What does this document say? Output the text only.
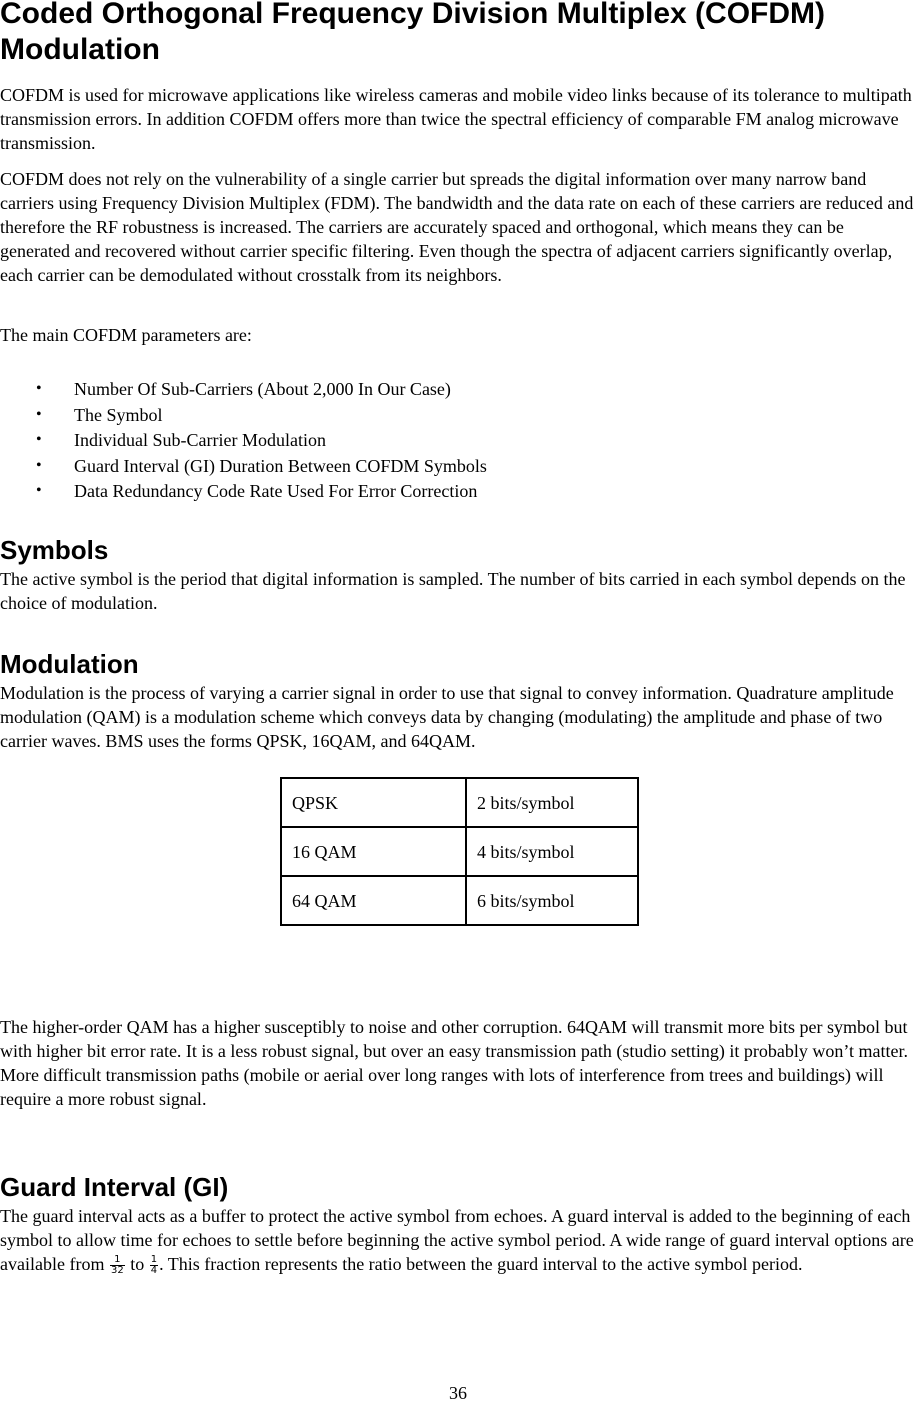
Coded Orthogonal Frequency Division Multiplex (COFDM)
Modulation

COFDM is used for microwave applications like wireless cameras and mobile video links because of its tolerance to multipath transmission errors. In addition COFDM offers more than twice the spectral efficiency of comparable FM analog microwave transmission.

COFDM does not rely on the vulnerability of a single carrier but spreads the digital information over many narrow band carriers using Frequency Division Multiplex (FDM). The bandwidth and the data rate on each of these carriers are reduced and therefore the RF robustness is increased. The carriers are accurately spaced and orthogonal, which means they can be generated and recovered without carrier specific filtering. Even though the spectra of adjacent carriers significantly overlap, each carrier can be demodulated without crosstalk from its neighbors.

The main COFDM parameters are:

• Number Of Sub-Carriers (About 2,000 In Our Case)
• The Symbol
• Individual Sub-Carrier Modulation
• Guard Interval (GI) Duration Between COFDM Symbols
• Data Redundancy Code Rate Used For Error Correction
Symbols

The active symbol is the period that digital information is sampled. The number of bits carried in each symbol depends on the choice of modulation.

Modulation

Modulation is the process of varying a carrier signal in order to use that signal to convey information. Quadrature amplitude modulation (QAM) is a modulation scheme which conveys data by changing (modulating) the amplitude and phase of two carrier waves. BMS uses the forms QPSK, 16QAM, and 64QAM.

QPSK	2 bits/symbol
16 QAM	4 bits/symbol
64 QAM	6 bits/symbol

The higher-order QAM has a higher susceptibly to noise and other corruption. 64QAM will transmit more bits per symbol but with higher bit error rate. It is a less robust signal, but over an easy transmission path (studio setting) it probably won’t matter. More difficult transmission paths (mobile or aerial over long ranges with lots of interference from trees and buildings) will require a more robust signal.

Guard Interval (GI)

The guard interval acts as a buffer to protect the active symbol from echoes. A guard interval is added to the beginning of each symbol to allow time for echoes to settle before beginning the active symbol period. A wide range of guard interval options are available from $\frac{1}{32}$ to $\frac{1}{4}$ . This fraction represents the ratio between the guard interval to the active symbol period.

36
